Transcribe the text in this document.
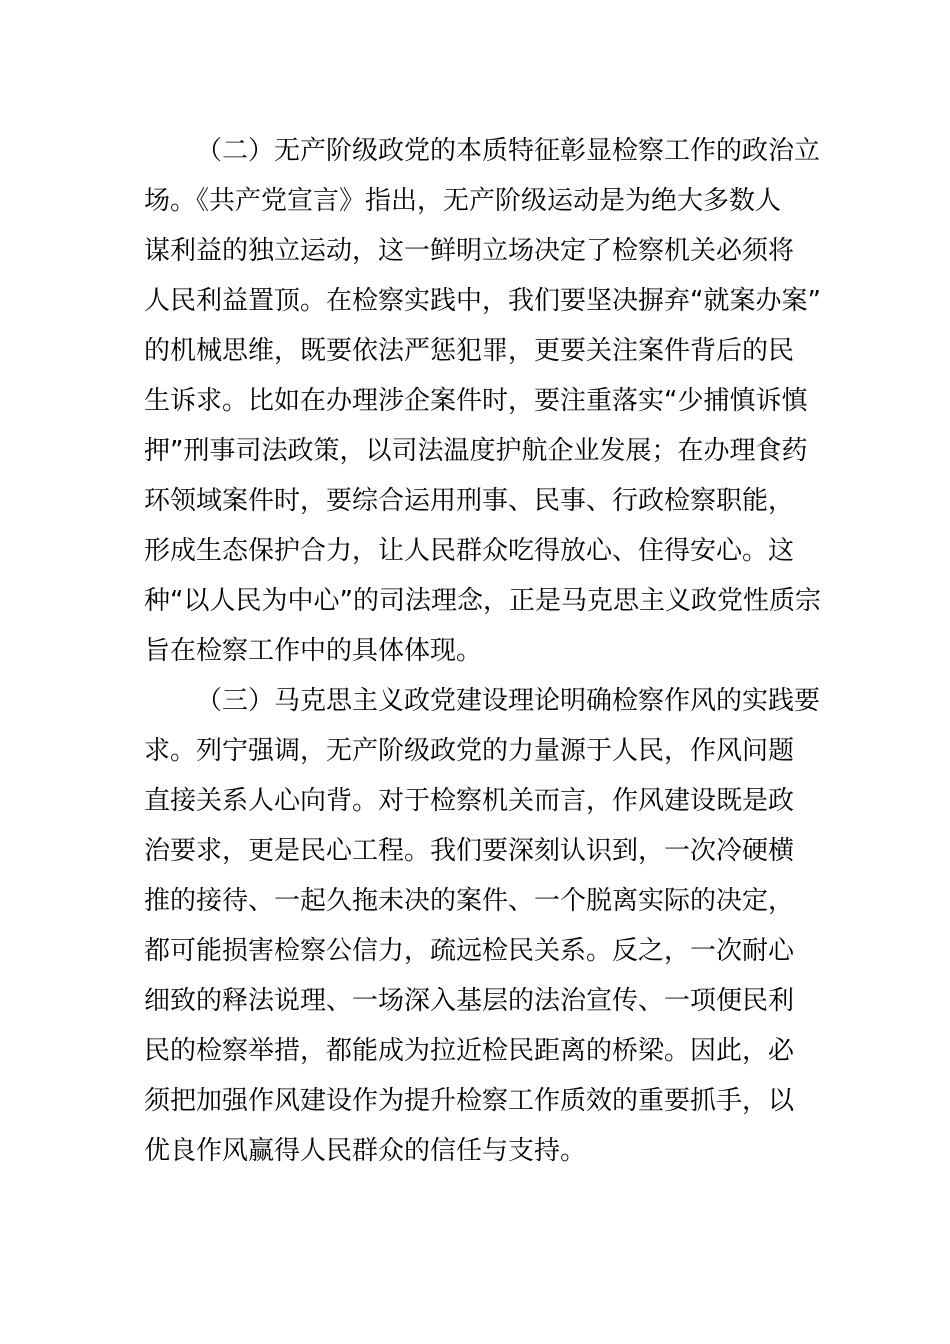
（二）无产阶级政党的本质特征彰显检察工作的政治立
场。《共产党宣言》指出，无产阶级运动是为绝大多数人
谋利益的独立运动，这一鲜明立场决定了检察机关必须将
人民利益置顶。在检察实践中，我们要坚决摒弃“就案办案”
的机械思维，既要依法严惩犯罪，更要关注案件背后的民
生诉求。比如在办理涉企案件时，要注重落实“少捕慎诉慎
押”刑事司法政策，以司法温度护航企业发展；在办理食药
环领域案件时，要综合运用刑事、民事、行政检察职能，
形成生态保护合力，让人民群众吃得放心、住得安心。这
种“以人民为中心”的司法理念，正是马克思主义政党性质宗
旨在检察工作中的具体体现。
（三）马克思主义政党建设理论明确检察作风的实践要
求。列宁强调，无产阶级政党的力量源于人民，作风问题
直接关系人心向背。对于检察机关而言，作风建设既是政
治要求，更是民心工程。我们要深刻认识到，一次冷硬横
推的接待、一起久拖未决的案件、一个脱离实际的决定，
都可能损害检察公信力，疏远检民关系。反之，一次耐心
细致的释法说理、一场深入基层的法治宣传、一项便民利
民的检察举措，都能成为拉近检民距离的桥梁。因此，必
须把加强作风建设作为提升检察工作质效的重要抓手，以
优良作风赢得人民群众的信任与支持。
